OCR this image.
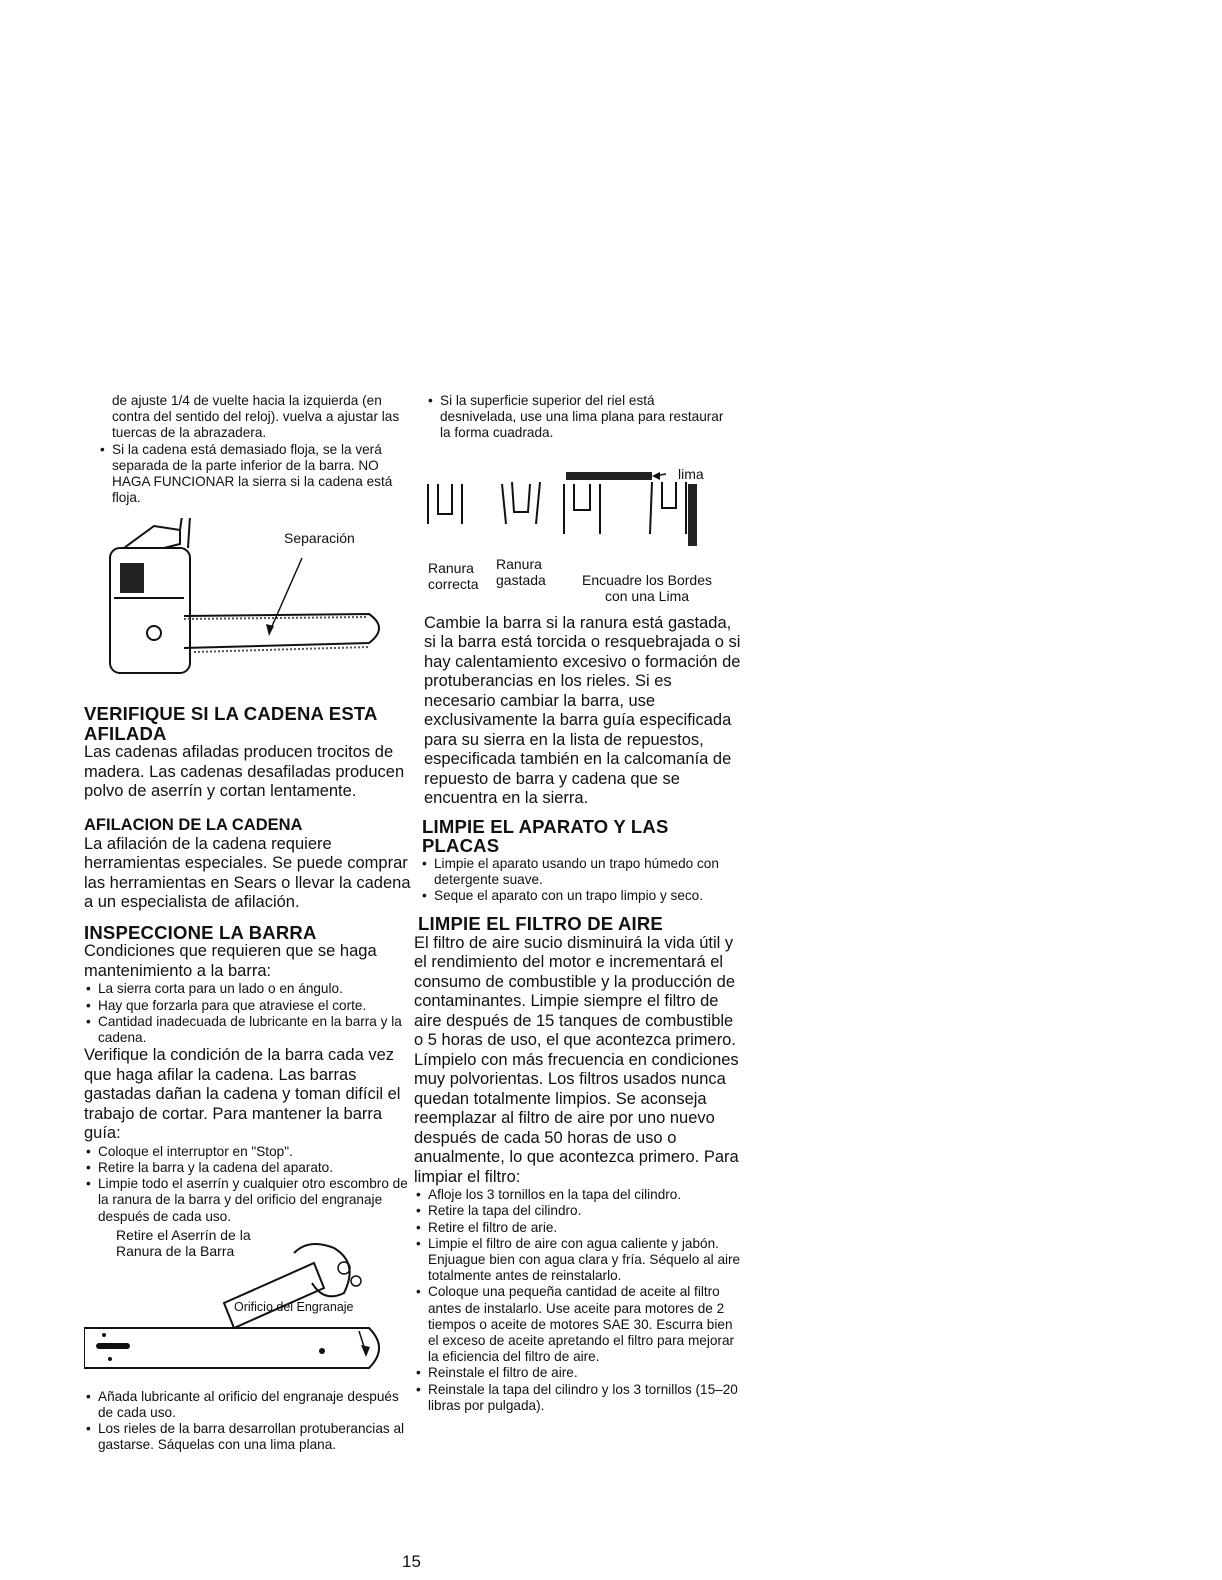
de ajuste 1/4 de vuelte hacia la izquierda (en contra del sentido del reloj). vuelva a ajustar las tuercas de la abrazadera.

• Si la cadena está demasiado floja, se la verá separada de la parte inferior de la barra. NO HAGA FUNCIONAR la sierra si la cadena está floja.
Separación
VERIFIQUE SI LA CADENA ESTA AFILADA

Las cadenas afiladas producen trocitos de madera. Las cadenas desafiladas producen polvo de aserrín y cortan lentamente.

AFILACION DE LA CADENA

La afilación de la cadena requiere herramientas especiales. Se puede comprar las herramientas en Sears o llevar la cadena a un especialista de afilación.

INSPECCIONE LA BARRA

Condiciones que requieren que se haga mantenimiento a la barra:

• La sierra corta para un lado o en ángulo.
• Hay que forzarla para que atraviese el corte.
• Cantidad inadecuada de lubricante en la barra y la cadena.

Verifique la condición de la barra cada vez que haga afilar la cadena. Las barras gastadas dañan la cadena y toman difícil el trabajo de cortar. Para mantener la barra guía:

• Coloque el interruptor en "Stop".
• Retire la barra y la cadena del aparato.
• Limpie todo el aserrín y cualquier otro escombro de la ranura de la barra y del orificio del engranaje después de cada uso.
Retire el Aserrín de la Ranura de la Barra
Orificio del Engranaje
• Añada lubricante al orificio del engranaje después de cada uso.
• Los rieles de la barra desarrollan protuberancias al gastarse. Sáquelas con una lima plana.
• Si la superficie superior del riel está desnivelada, use una lima plana para restaurar la forma cuadrada.
lima
Ranura correcta
Ranura gastada	Encuadre los Bordes con una Lima

Cambie la barra si la ranura está gastada, si la barra está torcida o resquebrajada o si hay calentamiento excesivo o formación de protuberancias en los rieles. Si es necesario cambiar la barra, use exclusivamente la barra guía especificada para su sierra en la lista de repuestos, especificada también en la calcomanía de repuesto de barra y cadena que se encuentra en la sierra.

LIMPIE EL APARATO Y LAS PLACAS
• Limpie el aparato usando un trapo húmedo con detergente suave.
• Seque el aparato con un trapo limpio y seco.
LIMPIE EL FILTRO DE AIRE

El filtro de aire sucio disminuirá la vida útil y el rendimiento del motor e incrementará el consumo de combustible y la producción de contaminantes. Limpie siempre el filtro de aire después de 15 tanques de combustible o 5 horas de uso, el que acontezca primero. Límpielo con más frecuencia en condiciones muy polvorientas. Los filtros usados nunca quedan totalmente limpios. Se aconseja reemplazar al filtro de aire por uno nuevo después de cada 50 horas de uso o anualmente, lo que acontezca primero. Para limpiar el filtro:

• Afloje los 3 tornillos en la tapa del cilindro.
• Retire la tapa del cilindro.
• Retire el filtro de arie.
• Limpie el filtro de aire con agua caliente y jabón. Enjuague bien con agua clara y fría. Séquelo al aire totalmente antes de reinstalarlo.
• Coloque una pequeña cantidad de aceite al filtro antes de instalarlo. Use aceite para motores de 2 tiempos o aceite de motores SAE 30. Escurra bien el exceso de aceite apretando el filtro para mejorar la eficiencia del filtro de aire.
• Reinstale el filtro de aire.
• Reinstale la tapa del cilindro y los 3 tornillos (15–20 libras por pulgada).
15
